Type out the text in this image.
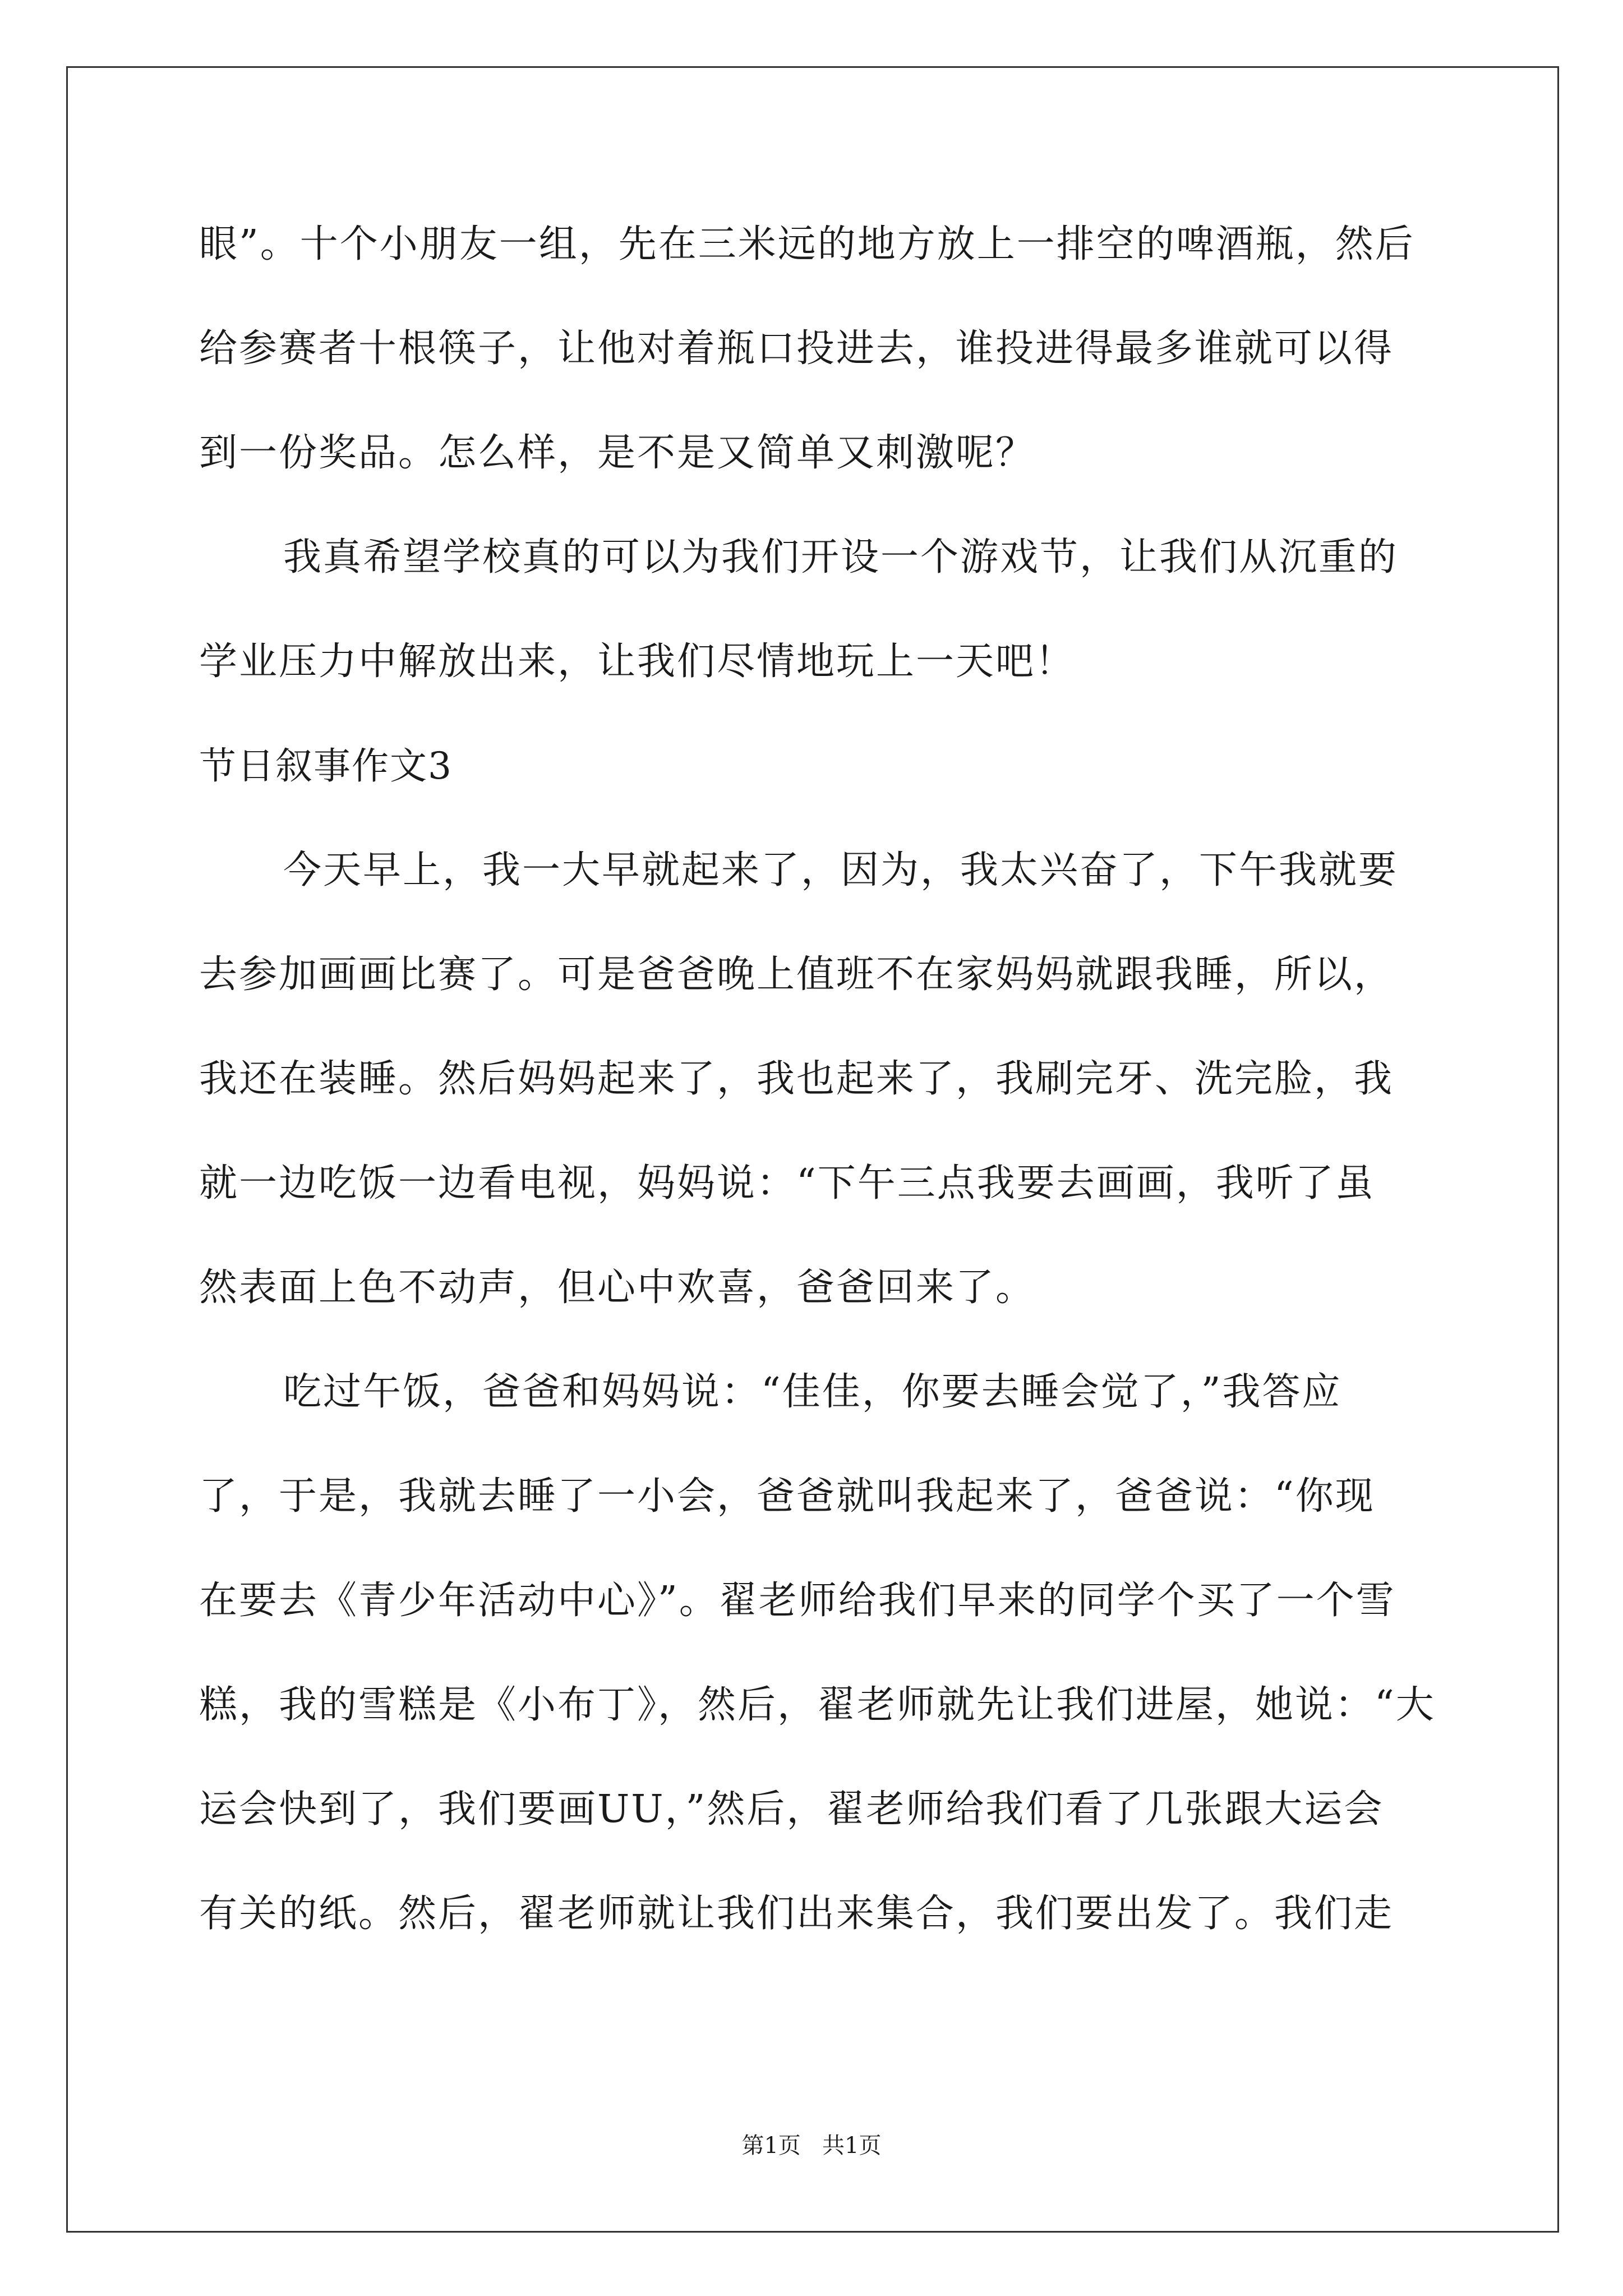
眼”。十个小朋友一组，先在三米远的地方放上一排空的啤酒瓶，然后
给参赛者十根筷子，让他对着瓶口投进去，谁投进得最多谁就可以得
到一份奖品。怎么样，是不是又简单又刺激呢？
我真希望学校真的可以为我们开设一个游戏节，让我们从沉重的
学业压力中解放出来，让我们尽情地玩上一天吧！
节日叙事作文3
今天早上，我一大早就起来了，因为，我太兴奋了，下午我就要
去参加画画比赛了。可是爸爸晚上值班不在家妈妈就跟我睡，所以，
我还在装睡。然后妈妈起来了，我也起来了，我刷完牙、洗完脸，我
就一边吃饭一边看电视，妈妈说：“下午三点我要去画画，我听了虽
然表面上色不动声，但心中欢喜，爸爸回来了。
吃过午饭，爸爸和妈妈说：“佳佳，你要去睡会觉了，”我答应
了，于是，我就去睡了一小会，爸爸就叫我起来了，爸爸说：“你现
在要去《青少年活动中心》”。翟老师给我们早来的同学个买了一个雪
糕，我的雪糕是《小布丁》，然后，翟老师就先让我们进屋，她说：“大
运会快到了，我们要画UU，”然后，翟老师给我们看了几张跟大运会
有关的纸。然后，翟老师就让我们出来集合，我们要出发了。我们走
第1页   共1页
